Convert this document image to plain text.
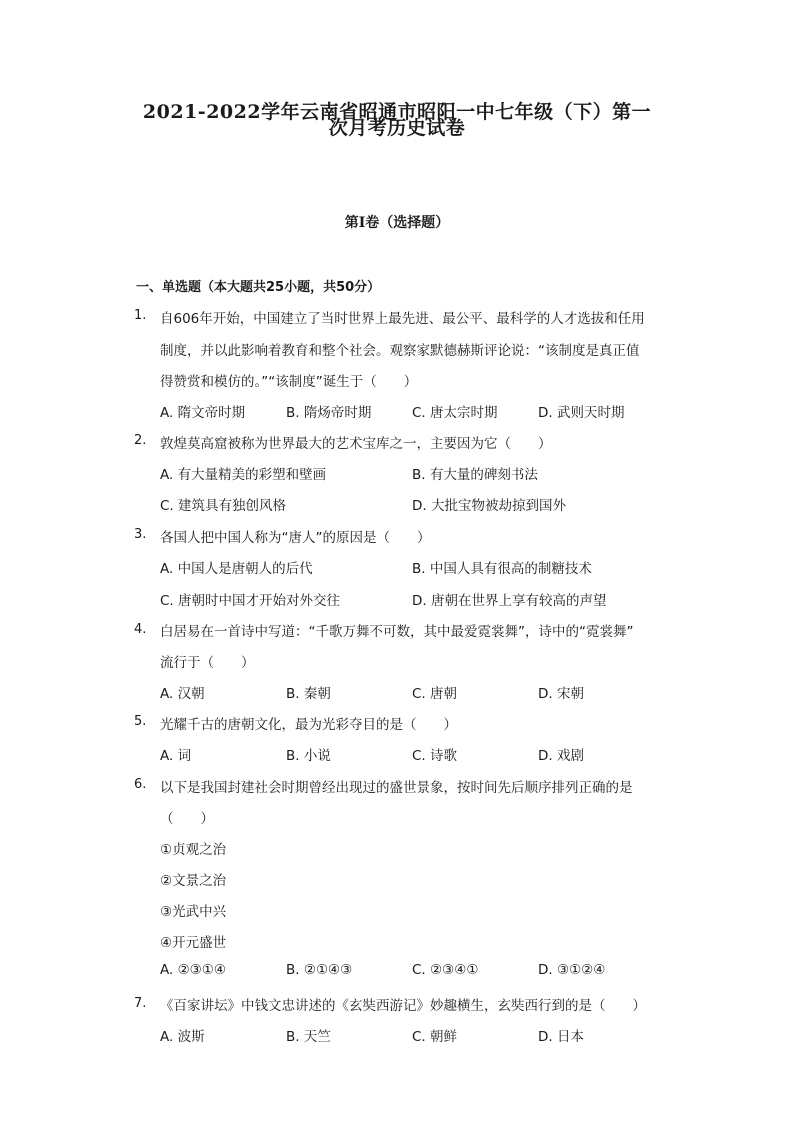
2021-2022学年云南省昭通市昭阳一中七年级（下）第一
次月考历史试卷
第I卷（选择题）
一、单选题（本大题共25小题，共50分）
1. 自606年开始，中国建立了当时世界上最先进、最公平、最科学的人才选拔和任用
制度，并以此影响着教育和整个社会。观察家默德赫斯评论说：“该制度是真正值
得赞赏和模仿的。”“该制度”诞生于（　　）
A. 隋文帝时期	B. 隋炀帝时期	C. 唐太宗时期	D. 武则天时期
2. 敦煌莫高窟被称为世界最大的艺术宝库之一，主要因为它（　　）
A. 有大量精美的彩塑和壁画	B. 有大量的碑刻书法
C. 建筑具有独创风格	D. 大批宝物被劫掠到国外
3. 各国人把中国人称为“唐人”的原因是（　　）
A. 中国人是唐朝人的后代	B. 中国人具有很高的制糖技术
C. 唐朝时中国才开始对外交往	D. 唐朝在世界上享有较高的声望
4. 白居易在一首诗中写道：“千歌万舞不可数，其中最爱霓裳舞”，诗中的“霓裳舞”
流行于（　　）
A. 汉朝	B. 秦朝	C. 唐朝	D. 宋朝
5. 光耀千古的唐朝文化，最为光彩夺目的是（　　）
A. 词	B. 小说	C. 诗歌	D. 戏剧
6. 以下是我国封建社会时期曾经出现过的盛世景象，按时间先后顺序排列正确的是
（　　）
①贞观之治
②文景之治
③光武中兴
④开元盛世
A. ②③①④	B. ②①④③	C. ②③④①	D. ③①②④
7. 《百家讲坛》中钱文忠讲述的《玄奘西游记》妙趣横生，玄奘西行到的是（　　）
A. 波斯	B. 天竺	C. 朝鲜	D. 日本
